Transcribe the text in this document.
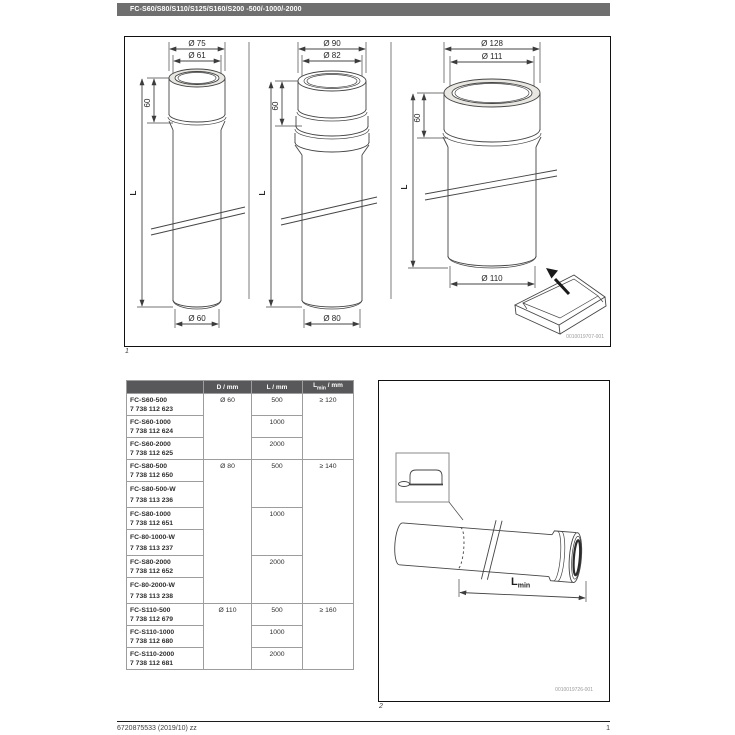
FC-S60/S80/S110/S125/S160/S200 -500/-1000/-2000
Ø 75
Ø 61
60
L
Ø 60
Ø 90
Ø 82
60
L
Ø 80
Ø 128
Ø 111
60
L
Ø 110
0010019707-001
1
	D / mm	L / mm	$L_{min}$ / mm

FC-S60-500
7 738 112 623	Ø 60	500	≥ 120

FC-S60-1000
7 738 112 624		1000	

FC-S60-2000
7 738 112 625		2000	

FC-S80-500
7 738 112 650	Ø 80	500	≥ 140

FC-S80-500-W
7 738 113 236			

FC-S80-1000
7 738 112 651		1000	

FC-80-1000-W
7 738 113 237			

FC-S80-2000
7 738 112 652		2000	

FC-80-2000-W
7 738 113 238			

FC-S110-500
7 738 112 679	Ø 110	500	≥ 160

FC-S110-1000
7 738 112 680		1000	

FC-S110-2000
7 738 112 681		2000	
$L_{min}$
0010019726-001
2
6720875533 (2019/10) zz	1
